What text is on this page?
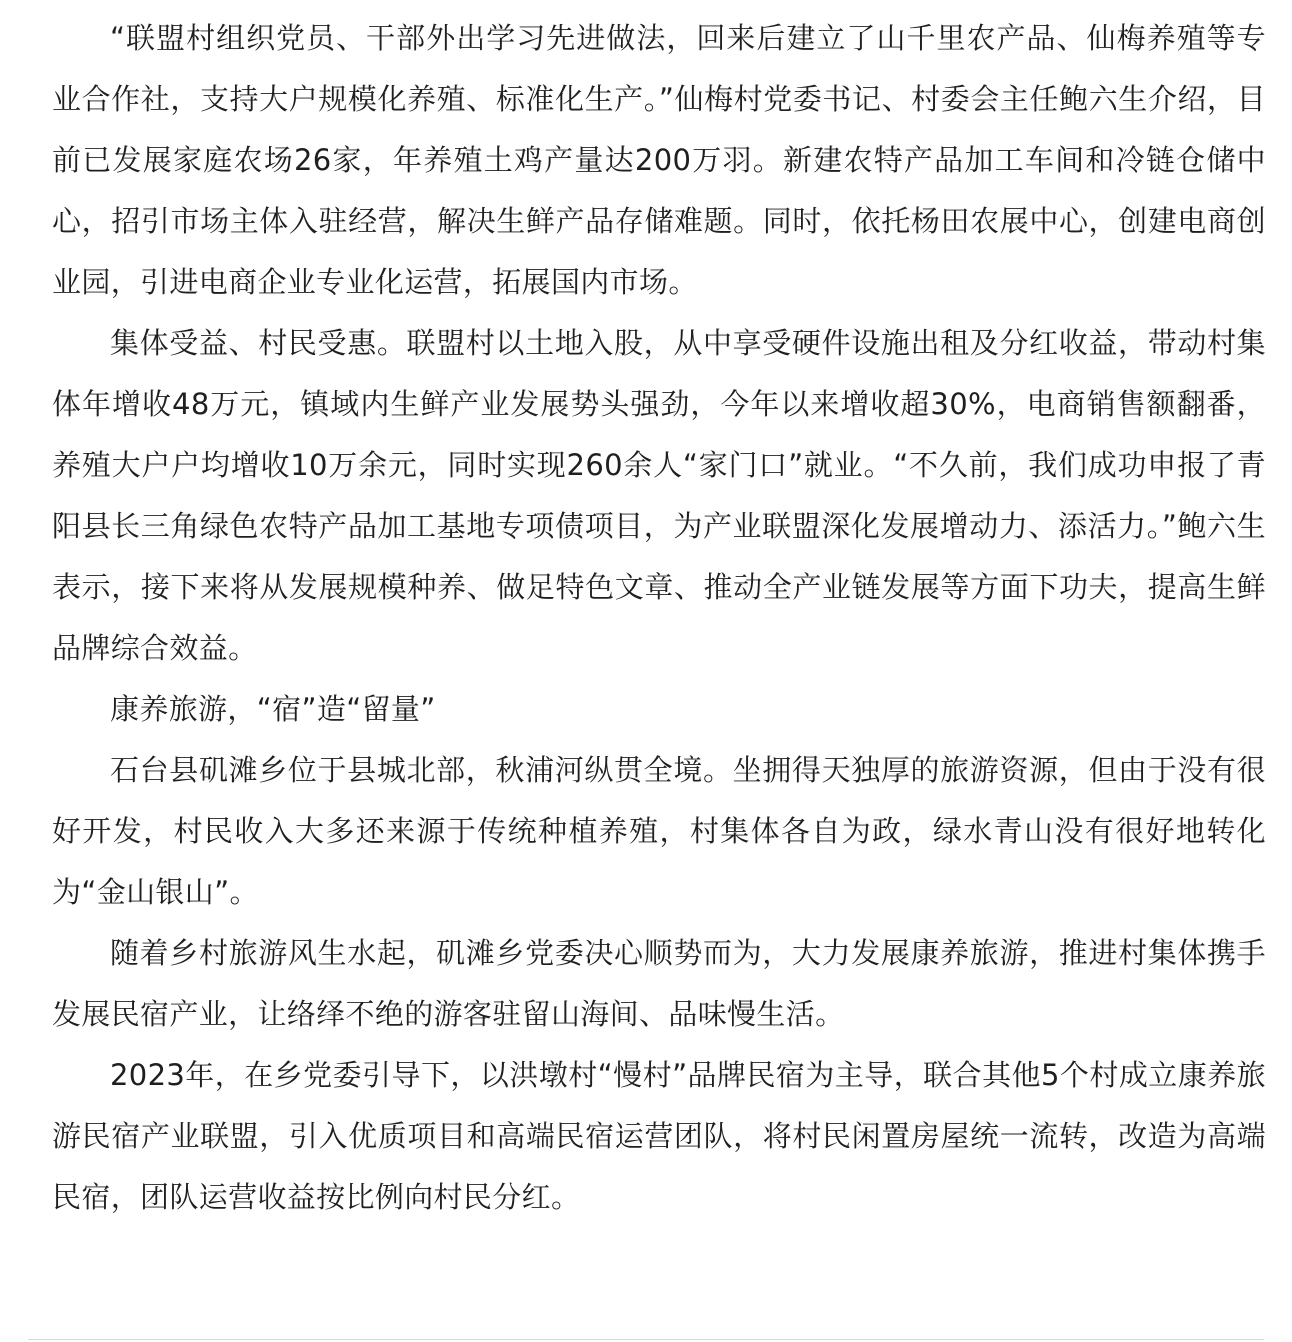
“联盟村组织党员、干部外出学习先进做法，回来后建立了山千里农产品、仙梅养殖等专业合作社，支持大户规模化养殖、标准化生产。”仙梅村党委书记、村委会主任鲍六生介绍，目前已发展家庭农场26家，年养殖土鸡产量达200万羽。新建农特产品加工车间和冷链仓储中心，招引市场主体入驻经营，解决生鲜产品存储难题。同时，依托杨田农展中心，创建电商创业园，引进电商企业专业化运营，拓展国内市场。

集体受益、村民受惠。联盟村以土地入股，从中享受硬件设施出租及分红收益，带动村集体年增收48万元，镇域内生鲜产业发展势头强劲，今年以来增收超30%，电商销售额翻番，养殖大户户均增收10万余元，同时实现260余人“家门口”就业。“不久前，我们成功申报了青阳县长三角绿色农特产品加工基地专项债项目，为产业联盟深化发展增动力、添活力。”鲍六生表示，接下来将从发展规模种养、做足特色文章、推动全产业链发展等方面下功夫，提高生鲜品牌综合效益。

康养旅游，“宿”造“留量”

石台县矶滩乡位于县城北部，秋浦河纵贯全境。坐拥得天独厚的旅游资源，但由于没有很好开发，村民收入大多还来源于传统种植养殖，村集体各自为政，绿水青山没有很好地转化为“金山银山”。

随着乡村旅游风生水起，矶滩乡党委决心顺势而为，大力发展康养旅游，推进村集体携手发展民宿产业，让络绎不绝的游客驻留山海间、品味慢生活。

2023年，在乡党委引导下，以洪墩村“慢村”品牌民宿为主导，联合其他5个村成立康养旅游民宿产业联盟，引入优质项目和高端民宿运营团队，将村民闲置房屋统一流转，改造为高端民宿，团队运营收益按比例向村民分红。
